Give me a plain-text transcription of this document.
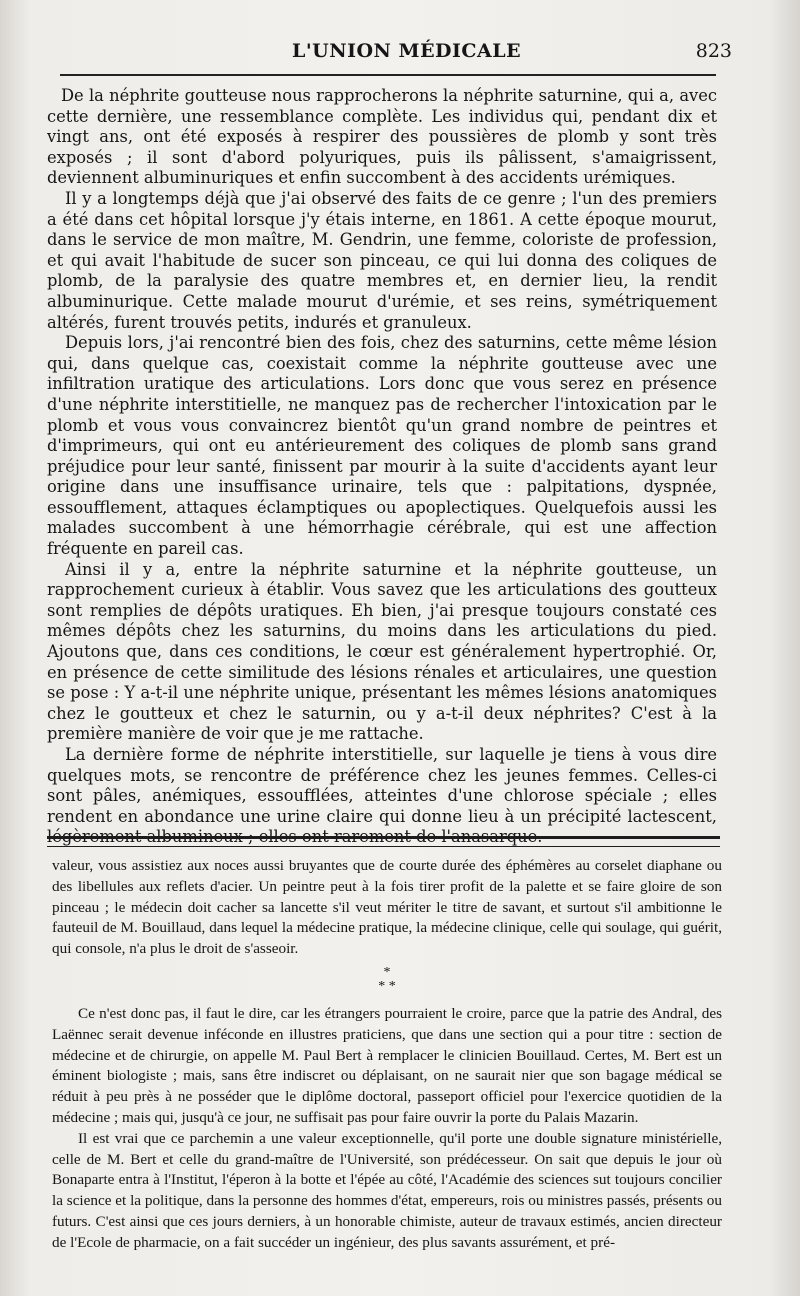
L'UNION MÉDICALE	823

De la néphrite goutteuse nous rapprocherons la néphrite saturnine, qui a, avec cette dernière, une ressemblance complète. Les individus qui, pendant dix et vingt ans, ont été exposés à respirer des poussières de plomb y sont très exposés ; il sont d'abord polyuriques, puis ils pâlissent, s'amaigrissent, deviennent albuminuriques et enfin succombent à des accidents urémiques.

Il y a longtemps déjà que j'ai observé des faits de ce genre ; l'un des premiers a été dans cet hôpital lorsque j'y étais interne, en 1861. A cette époque mourut, dans le service de mon maître, M. Gendrin, une femme, coloriste de profession, et qui avait l'habitude de sucer son pinceau, ce qui lui donna des coliques de plomb, de la paralysie des quatre membres et, en dernier lieu, la rendit albuminurique. Cette malade mourut d'urémie, et ses reins, symétriquement altérés, furent trouvés petits, indurés et granuleux.

Depuis lors, j'ai rencontré bien des fois, chez des saturnins, cette même lésion qui, dans quelque cas, coexistait comme la néphrite goutteuse avec une infiltration uratique des articulations. Lors donc que vous serez en présence d'une néphrite interstitielle, ne manquez pas de rechercher l'intoxication par le plomb et vous vous convaincrez bientôt qu'un grand nombre de peintres et d'imprimeurs, qui ont eu antérieurement des coliques de plomb sans grand préjudice pour leur santé, finissent par mourir à la suite d'accidents ayant leur origine dans une insuffisance urinaire, tels que : palpitations, dyspnée, essoufflement, attaques éclamptiques ou apoplectiques. Quelquefois aussi les malades succombent à une hémorrhagie cérébrale, qui est une affection fréquente en pareil cas.

Ainsi il y a, entre la néphrite saturnine et la néphrite goutteuse, un rapprochement curieux à établir. Vous savez que les articulations des goutteux sont remplies de dépôts uratiques. Eh bien, j'ai presque toujours constaté ces mêmes dépôts chez les saturnins, du moins dans les articulations du pied. Ajoutons que, dans ces conditions, le cœur est généralement hypertrophié. Or, en présence de cette similitude des lésions rénales et articulaires, une question se pose : Y a-t-il une néphrite unique, présentant les mêmes lésions anatomiques chez le goutteux et chez le saturnin, ou y a-t-il deux néphrites? C'est à la première manière de voir que je me rattache.

La dernière forme de néphrite interstitielle, sur laquelle je tiens à vous dire quelques mots, se rencontre de préférence chez les jeunes femmes. Celles-ci sont pâles, anémiques, essoufflées, atteintes d'une chlorose spéciale ; elles rendent en abondance une urine claire qui donne lieu à un précipité lactescent, légèrement albumineux ; elles ont rarement de l'anasarque.

valeur, vous assistiez aux noces aussi bruyantes que de courte durée des éphémères au corselet diaphane ou des libellules aux reflets d'acier. Un peintre peut à la fois tirer profit de la palette et se faire gloire de son pinceau ; le médecin doit cacher sa lancette s'il veut mériter le titre de savant, et surtout s'il ambitionne le fauteuil de M. Bouillaud, dans lequel la médecine pratique, la médecine clinique, celle qui soulage, qui guérit, qui console, n'a plus le droit de s'asseoir.

*
* *

Ce n'est donc pas, il faut le dire, car les étrangers pourraient le croire, parce que la patrie des Andral, des Laënnec serait devenue inféconde en illustres praticiens, que dans une section qui a pour titre : section de médecine et de chirurgie, on appelle M. Paul Bert à remplacer le clinicien Bouillaud. Certes, M. Bert est un éminent biologiste ; mais, sans être indiscret ou déplaisant, on ne saurait nier que son bagage médical se réduit à peu près à ne posséder que le diplôme doctoral, passeport officiel pour l'exercice quotidien de la médecine ; mais qui, jusqu'à ce jour, ne suffisait pas pour faire ouvrir la porte du Palais Mazarin.

Il est vrai que ce parchemin a une valeur exceptionnelle, qu'il porte une double signature ministérielle, celle de M. Bert et celle du grand-maître de l'Université, son prédécesseur. On sait que depuis le jour où Bonaparte entra à l'Institut, l'éperon à la botte et l'épée au côté, l'Académie des sciences sut toujours concilier la science et la politique, dans la personne des hommes d'état, empereurs, rois ou ministres passés, présents ou futurs. C'est ainsi que ces jours derniers, à un honorable chimiste, auteur de travaux estimés, ancien directeur de l'Ecole de pharmacie, on a fait succéder un ingénieur, des plus savants assurément, et pré-
